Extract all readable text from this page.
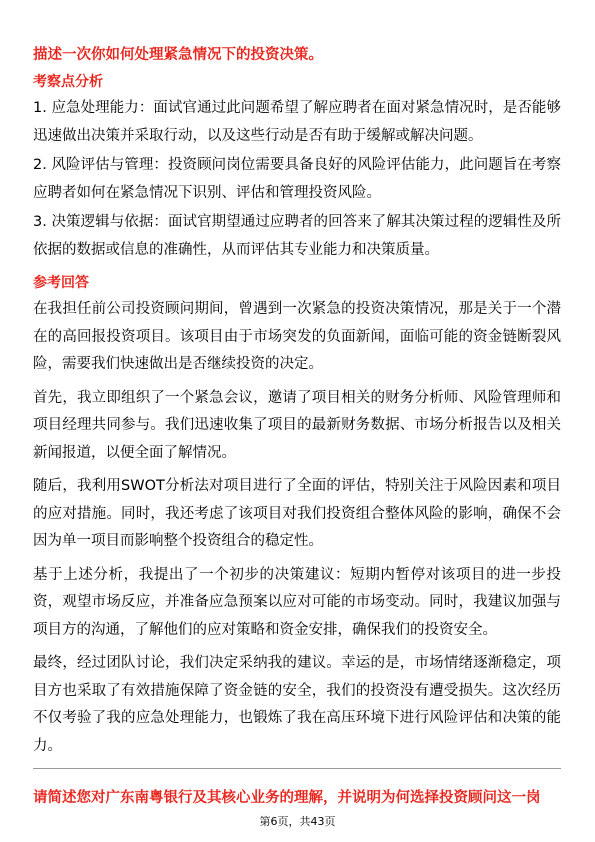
描述一次你如何处理紧急情况下的投资决策。
考察点分析
1. 应急处理能力：面试官通过此问题希望了解应聘者在面对紧急情况时，是否能够迅速做出决策并采取行动，以及这些行动是否有助于缓解或解决问题。
2. 风险评估与管理：投资顾问岗位需要具备良好的风险评估能力，此问题旨在考察应聘者如何在紧急情况下识别、评估和管理投资风险。
3. 决策逻辑与依据：面试官期望通过应聘者的回答来了解其决策过程的逻辑性及所依据的数据或信息的准确性，从而评估其专业能力和决策质量。
参考回答
在我担任前公司投资顾问期间，曾遇到一次紧急的投资决策情况，那是关于一个潜在的高回报投资项目。该项目由于市场突发的负面新闻，面临可能的资金链断裂风险，需要我们快速做出是否继续投资的决定。
首先，我立即组织了一个紧急会议，邀请了项目相关的财务分析师、风险管理师和项目经理共同参与。我们迅速收集了项目的最新财务数据、市场分析报告以及相关新闻报道，以便全面了解情况。
随后，我利用SWOT分析法对项目进行了全面的评估，特别关注于风险因素和项目的应对措施。同时，我还考虑了该项目对我们投资组合整体风险的影响，确保不会因为单一项目而影响整个投资组合的稳定性。
基于上述分析，我提出了一个初步的决策建议：短期内暂停对该项目的进一步投资，观望市场反应，并准备应急预案以应对可能的市场变动。同时，我建议加强与项目方的沟通，了解他们的应对策略和资金安排，确保我们的投资安全。
最终，经过团队讨论，我们决定采纳我的建议。幸运的是，市场情绪逐渐稳定，项目方也采取了有效措施保障了资金链的安全，我们的投资没有遭受损失。这次经历不仅考验了我的应急处理能力，也锻炼了我在高压环境下进行风险评估和决策的能力。
请简述您对广东南粤银行及其核心业务的理解，并说明为何选择投资顾问这一岗
第6页，共43页
